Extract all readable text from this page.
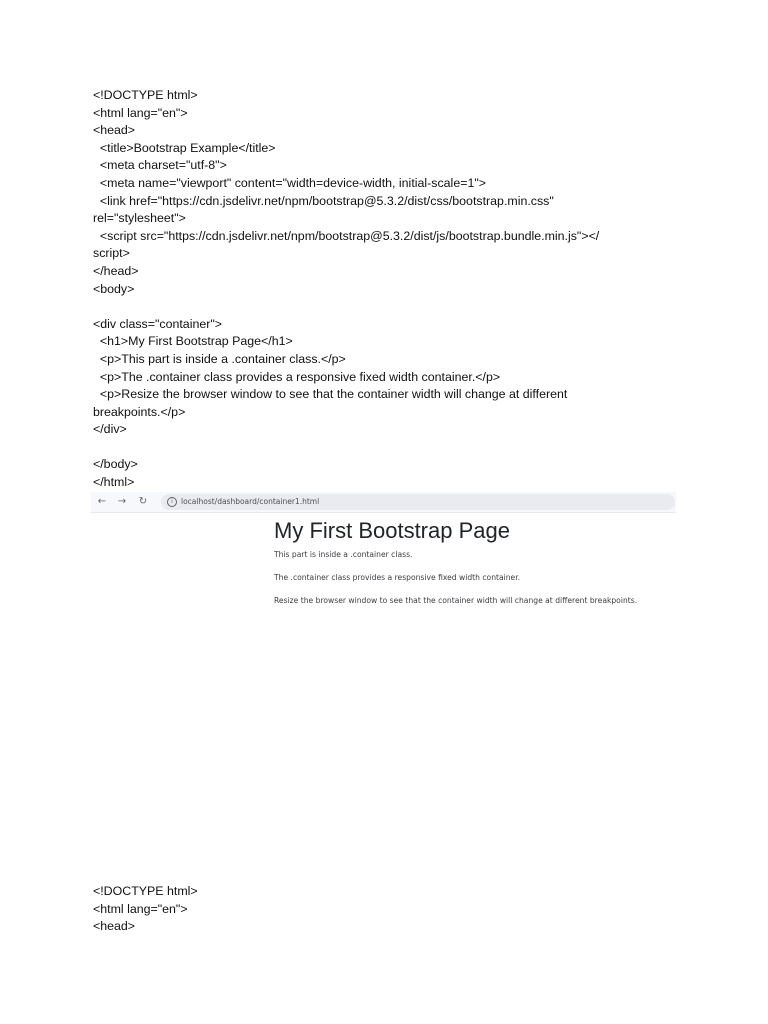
<!DOCTYPE html>
<html lang="en">
<head>
<title>Bootstrap Example</title>
<meta charset="utf-8">
<meta name="viewport" content="width=device-width, initial-scale=1">
<link href="https://cdn.jsdelivr.net/npm/bootstrap@5.3.2/dist/css/bootstrap.min.css"
rel="stylesheet">
<script src="https://cdn.jsdelivr.net/npm/bootstrap@5.3.2/dist/js/bootstrap.bundle.min.js"></
script>
</head>
<body>
<div class="container">
<h1>My First Bootstrap Page</h1>
<p>This part is inside a .container class.</p>
<p>The .container class provides a responsive fixed width container.</p>
<p>Resize the browser window to see that the container width will change at different
breakpoints.</p>
</div>
</body>
</html>
← → ↻	i	localhost/dashboard/container1.html
My First Bootstrap Page

This part is inside a .container class.

The .container class provides a responsive fixed width container.

Resize the browser window to see that the container width will change at different breakpoints.

<!DOCTYPE html>
<html lang="en">
<head>
